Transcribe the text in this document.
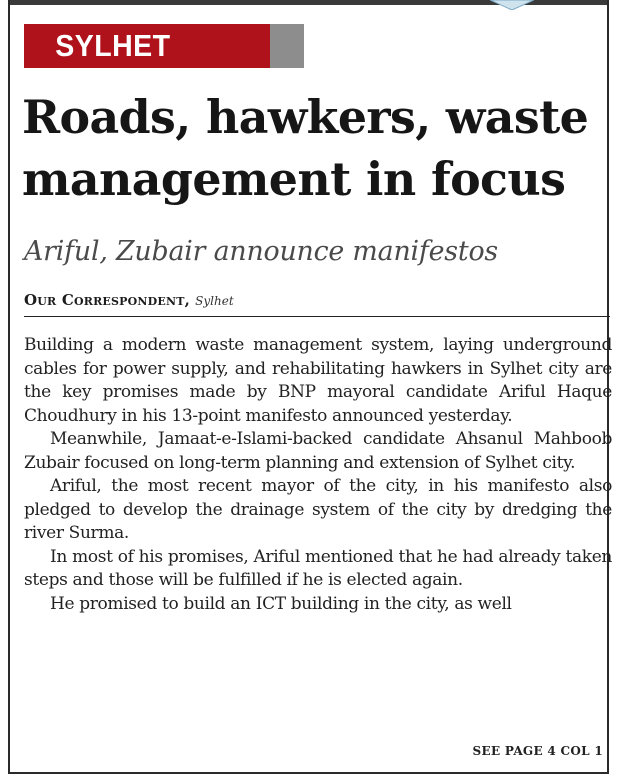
SYLHET
Roads, hawkers, waste
management in focus
Ariful, Zubair announce manifestos
Our Correspondent, Sylhet

Building a modern waste management system, laying underground cables for power supply, and rehabilitating hawkers in Sylhet city are the key promises made by BNP mayoral candidate Ariful Haque Choudhury in his 13-point manifesto announced yesterday.

Meanwhile, Jamaat-e-Islami-backed candidate Ahsanul Mahboob Zubair focused on long-term planning and extension of Sylhet city.

Ariful, the most recent mayor of the city, in his manifesto also pledged to develop the drainage system of the city by dredging the river Surma.

In most of his promises, Ariful mentioned that he had already taken steps and those will be fulfilled if he is elected again.

He promised to build an ICT building in the city, as well

SEE PAGE 4 COL 1
